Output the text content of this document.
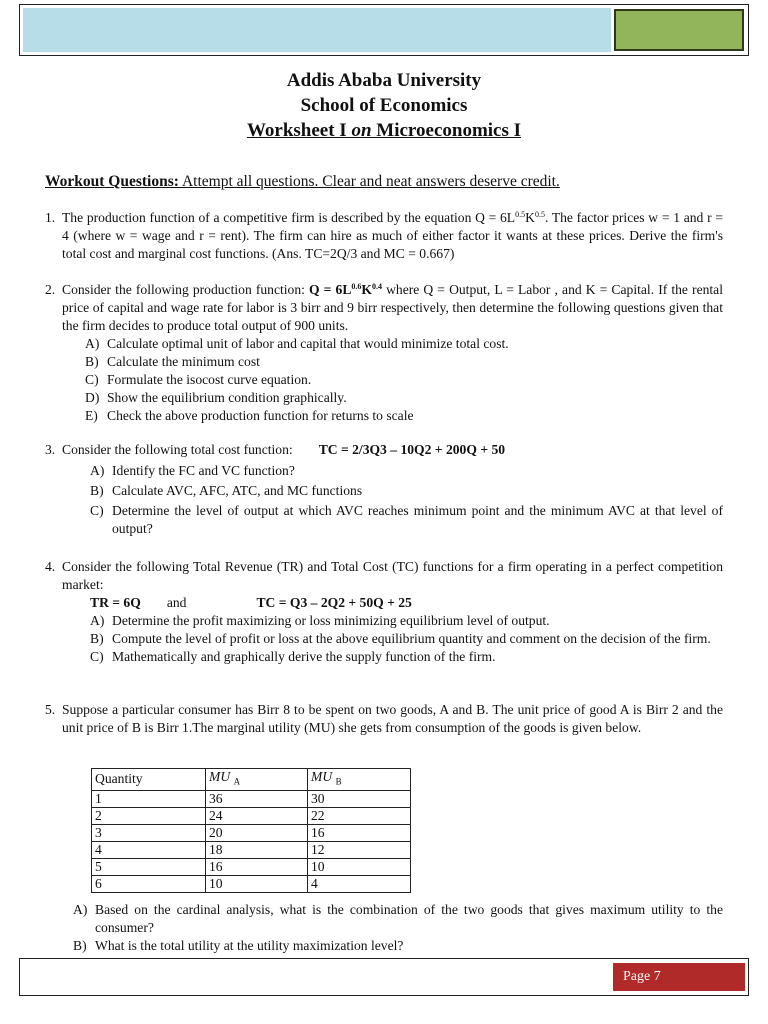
Addis Ababa University
School of Economics
Worksheet I on Microeconomics I
Workout Questions: Attempt all questions. Clear and neat answers deserve credit.
1. The production function of a competitive firm is described by the equation $Q = 6L^{0.5}K^{0.5}$. The factor prices w = 1 and r = 4 (where w = wage and r = rent). The firm can hire as much of either factor it wants at these prices. Derive the firm's total cost and marginal cost functions. (Ans. TC=2Q/3 and MC = 0.667)
2. Consider the following production function: $Q = 6L^{0.6}K^{0.4}$ where Q = Output, L = Labor , and K = Capital. If the rental price of capital and wage rate for labor is 3 birr and 9 birr respectively, then determine the following questions given that the firm decides to produce total output of 900 units.
A) Calculate optimal unit of labor and capital that would minimize total cost.
B) Calculate the minimum cost
C) Formulate the isocost curve equation.
D) Show the equilibrium condition graphically.
E) Check the above production function for returns to scale
3. Consider the following total cost function: TC = 2/3Q3 – 10Q2 + 200Q + 50
A) Identify the FC and VC function?
B) Calculate AVC, AFC, ATC, and MC functions
C) Determine the level of output at which AVC reaches minimum point and the minimum AVC at that level of output?
4. Consider the following Total Revenue (TR) and Total Cost (TC) functions for a firm operating in a perfect competition market:
TR = 6Q and	TC = Q3 – 2Q2 + 50Q + 25
A) Determine the profit maximizing or loss minimizing equilibrium level of output.
B) Compute the level of profit or loss at the above equilibrium quantity and comment on the decision of the firm.
C) Mathematically and graphically derive the supply function of the firm.
5. Suppose a particular consumer has Birr 8 to be spent on two goods, A and B. The unit price of good A is Birr 2 and the unit price of B is Birr 1.The marginal utility (MU) she gets from consumption of the goods is given below.
Quantity	MU $_A$	MU $_B$
1	36	30
2	24	22
3	20	16
4	18	12
5	16	10
6	10	4
A) Based on the cardinal analysis, what is the combination of the two goods that gives maximum utility to the consumer?
B) What is the total utility at the utility maximization level?
Page 7
